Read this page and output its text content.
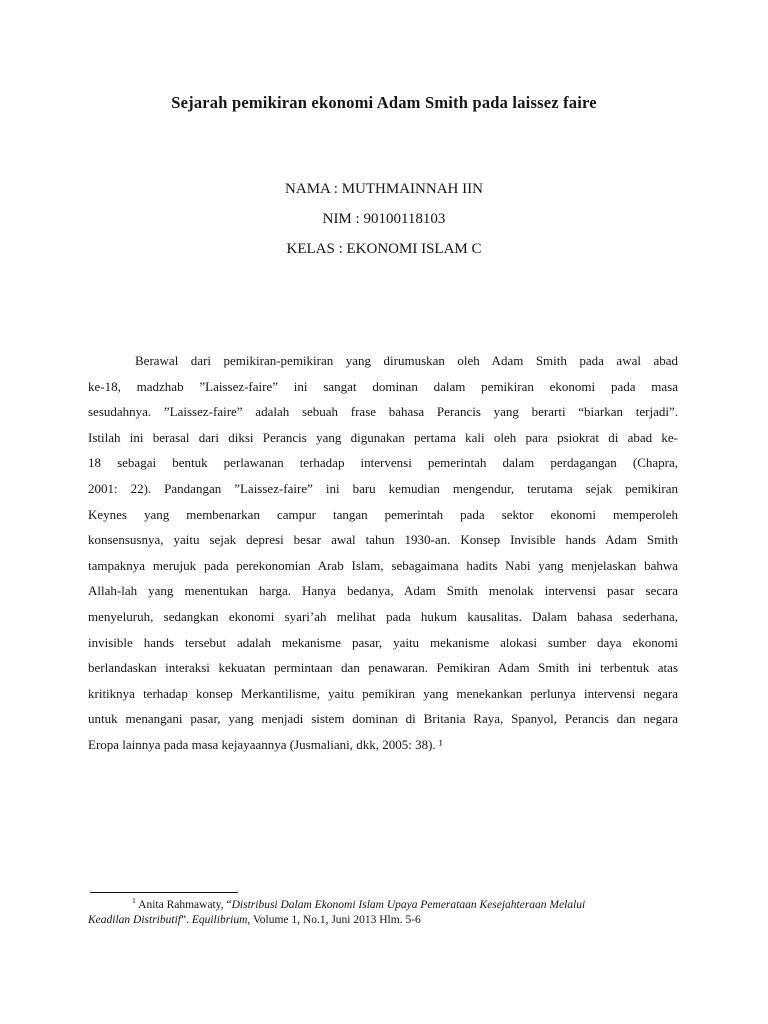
Sejarah pemikiran ekonomi Adam Smith pada laissez faire
NAMA : MUTHMAINNAH IIN
NIM : 90100118103
KELAS : EKONOMI ISLAM C
Berawal dari pemikiran-pemikiran yang dirumuskan oleh Adam Smith pada awal abad
ke-18, madzhab ”Laissez-faire” ini sangat dominan dalam pemikiran ekonomi pada masa
sesudahnya. ”Laissez-faire” adalah sebuah frase bahasa Perancis yang berarti “biarkan terjadi”.
Istilah ini berasal dari diksi Perancis yang digunakan pertama kali oleh para psiokrat di abad ke-
18 sebagai bentuk perlawanan terhadap intervensi pemerintah dalam perdagangan (Chapra,
2001: 22). Pandangan ”Laissez-faire” ini baru kemudian mengendur, terutama sejak pemikiran
Keynes yang membenarkan campur tangan pemerintah pada sektor ekonomi memperoleh
konsensusnya, yaitu sejak depresi besar awal tahun 1930-an. Konsep Invisible hands Adam Smith
tampaknya merujuk pada perekonomian Arab Islam, sebagaimana hadits Nabi yang menjelaskan bahwa
Allah-lah yang menentukan harga. Hanya bedanya, Adam Smith menolak intervensi pasar secara
menyeluruh, sedangkan ekonomi syari’ah melihat pada hukum kausalitas. Dalam bahasa sederhana,
invisible hands tersebut adalah mekanisme pasar, yaitu mekanisme alokasi sumber daya ekonomi
berlandaskan interaksi kekuatan permintaan dan penawaran. Pemikiran Adam Smith ini terbentuk atas
kritiknya terhadap konsep Merkantilisme, yaitu pemikiran yang menekankan perlunya intervensi negara
untuk menangani pasar, yang menjadi sistem dominan di Britania Raya, Spanyol, Perancis dan negara
Eropa lainnya pada masa kejayaannya (Jusmaliani, dkk, 2005: 38). ¹
$^1$ Anita Rahmawaty, “Distribusi Dalam Ekonomi Islam Upaya Pemerataan Kesejahteraan Melalui
Keadilan Distributif”. Equilibrium, Volume 1, No.1, Juni 2013 Hlm. 5-6
